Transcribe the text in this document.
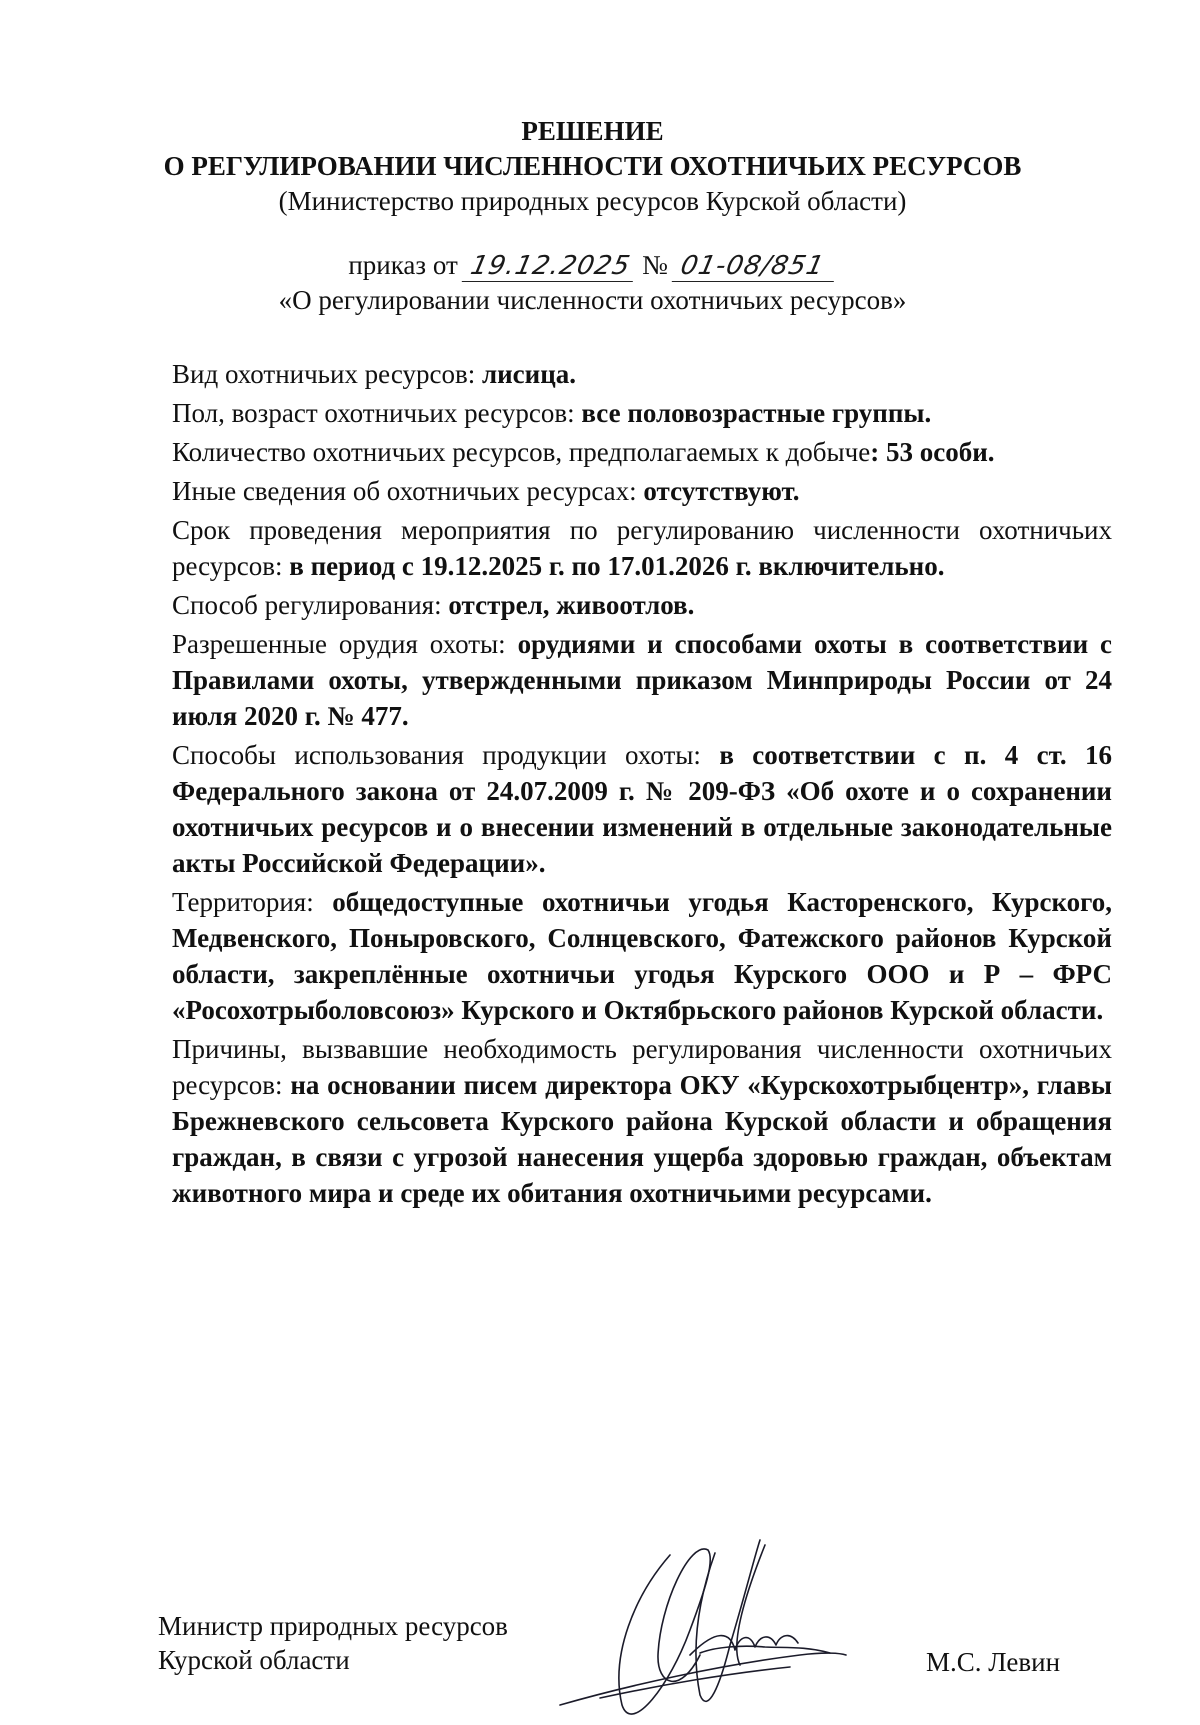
РЕШЕНИЕ
О РЕГУЛИРОВАНИИ ЧИСЛЕННОСТИ ОХОТНИЧЬИХ РЕСУРСОВ
(Министерство природных ресурсов Курской области)
приказ от 19.12.2025 № 01-08/851
«О регулировании численности охотничьих ресурсов»

Вид охотничьих ресурсов: лисица.

Пол, возраст охотничьих ресурсов: все половозрастные группы.

Количество охотничьих ресурсов, предполагаемых к добыче: 53 особи.

Иные сведения об охотничьих ресурсах: отсутствуют.

Срок проведения мероприятия по регулированию численности охотничьих ресурсов: в период с 19.12.2025 г. по 17.01.2026 г. включительно.

Способ регулирования: отстрел, живоотлов.

Разрешенные орудия охоты: орудиями и способами охоты в соответствии с Правилами охоты, утвержденными приказом Минприроды России от 24 июля 2020 г. № 477.

Способы использования продукции охоты: в соответствии с п. 4 ст. 16 Федерального закона от 24.07.2009 г. № 209-ФЗ «Об охоте и о сохранении охотничьих ресурсов и о внесении изменений в отдельные законодательные акты Российской Федерации».

Территория: общедоступные охотничьи угодья Касторенского, Курского, Медвенского, Поныровского, Солнцевского, Фатежского районов Курской области, закреплённые охотничьи угодья Курского ООО и Р – ФРС «Росохотрыболовсоюз» Курского и Октябрьского районов Курской области.

Причины, вызвавшие необходимость регулирования численности охотничьих ресурсов: на основании писем директора ОКУ «Курскохотрыбцентр», главы Брежневского сельсовета Курского района Курской области и обращения граждан, в связи с угрозой нанесения ущерба здоровью граждан, объектам животного мира и среде их обитания охотничьими ресурсами.

Министр природных ресурсов
Курской области	М.С. Левин
